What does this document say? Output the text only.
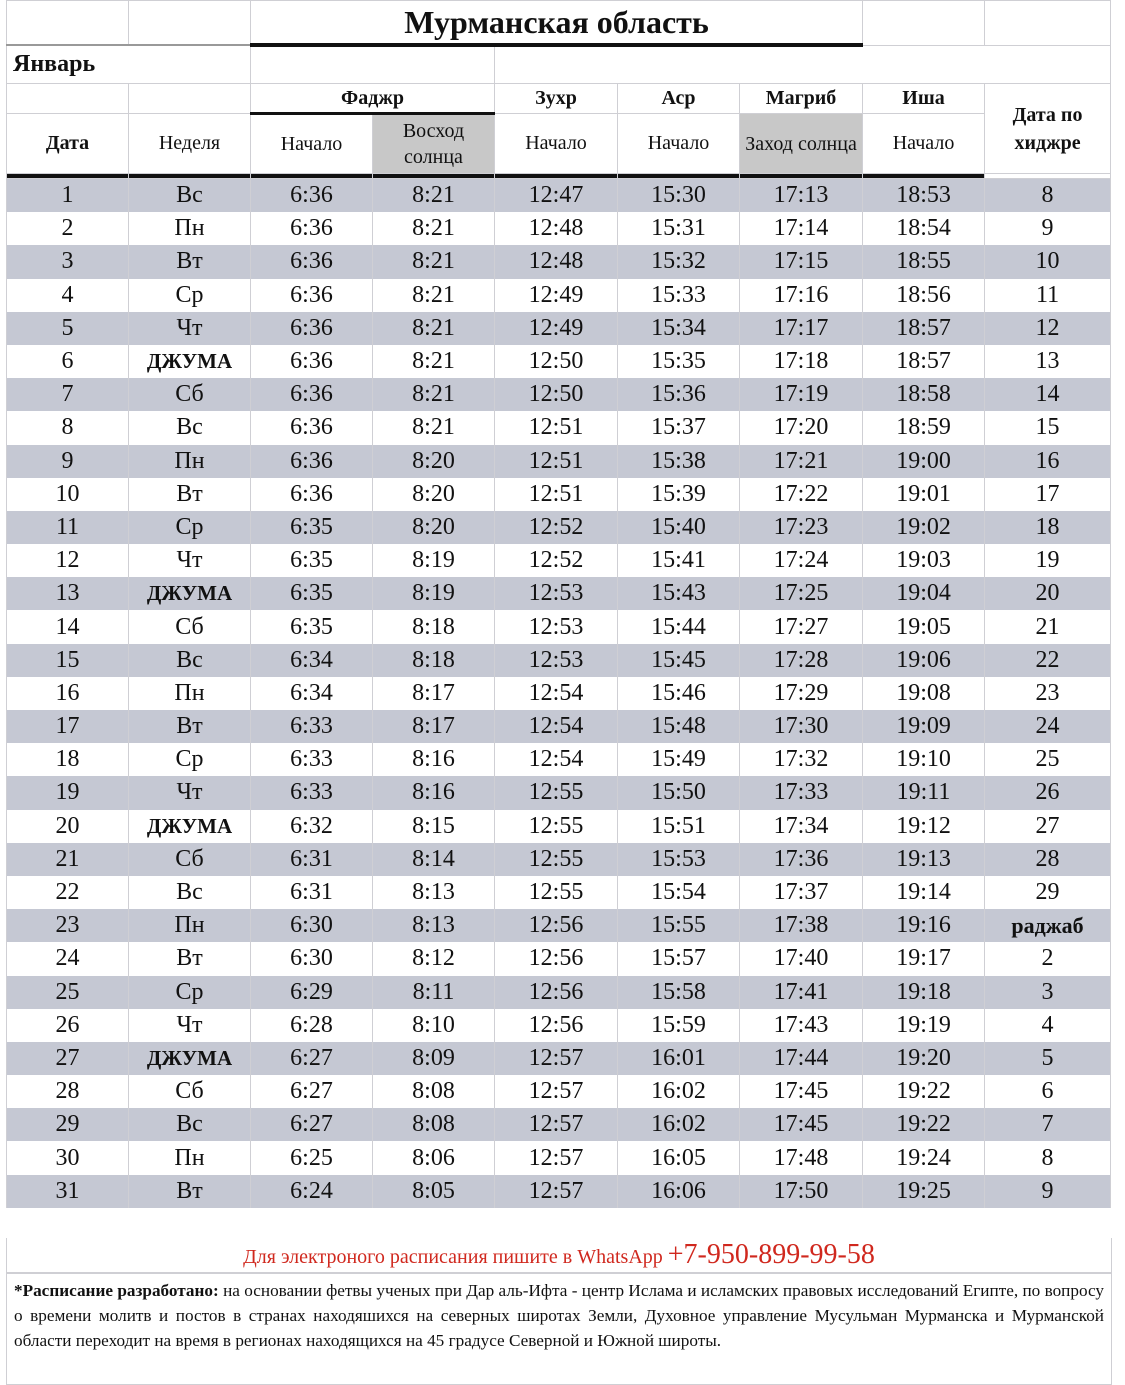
		Мурманская область						
Январь								
		Фаджр		Зухр	Аср	Магриб	Иша	Дата по хиджре
Дата	Неделя	Начало	Восход солнца	Начало	Начало	Заход солнца	Начало	

1	Вс	6:36	8:21	12:47	15:30	17:13	18:53	8
2	Пн	6:36	8:21	12:48	15:31	17:14	18:54	9
3	Вт	6:36	8:21	12:48	15:32	17:15	18:55	10
4	Ср	6:36	8:21	12:49	15:33	17:16	18:56	11
5	Чт	6:36	8:21	12:49	15:34	17:17	18:57	12
6	ДЖУМА	6:36	8:21	12:50	15:35	17:18	18:57	13
7	Сб	6:36	8:21	12:50	15:36	17:19	18:58	14
8	Вс	6:36	8:21	12:51	15:37	17:20	18:59	15
9	Пн	6:36	8:20	12:51	15:38	17:21	19:00	16
10	Вт	6:36	8:20	12:51	15:39	17:22	19:01	17
11	Ср	6:35	8:20	12:52	15:40	17:23	19:02	18
12	Чт	6:35	8:19	12:52	15:41	17:24	19:03	19
13	ДЖУМА	6:35	8:19	12:53	15:43	17:25	19:04	20
14	Сб	6:35	8:18	12:53	15:44	17:27	19:05	21
15	Вс	6:34	8:18	12:53	15:45	17:28	19:06	22
16	Пн	6:34	8:17	12:54	15:46	17:29	19:08	23
17	Вт	6:33	8:17	12:54	15:48	17:30	19:09	24
18	Ср	6:33	8:16	12:54	15:49	17:32	19:10	25
19	Чт	6:33	8:16	12:55	15:50	17:33	19:11	26
20	ДЖУМА	6:32	8:15	12:55	15:51	17:34	19:12	27
21	Сб	6:31	8:14	12:55	15:53	17:36	19:13	28
22	Вс	6:31	8:13	12:55	15:54	17:37	19:14	29
23	Пн	6:30	8:13	12:56	15:55	17:38	19:16	раджаб
24	Вт	6:30	8:12	12:56	15:57	17:40	19:17	2
25	Ср	6:29	8:11	12:56	15:58	17:41	19:18	3
26	Чт	6:28	8:10	12:56	15:59	17:43	19:19	4
27	ДЖУМА	6:27	8:09	12:57	16:01	17:44	19:20	5
28	Сб	6:27	8:08	12:57	16:02	17:45	19:22	6
29	Вс	6:27	8:08	12:57	16:02	17:45	19:22	7
30	Пн	6:25	8:06	12:57	16:05	17:48	19:24	8
31	Вт	6:24	8:05	12:57	16:06	17:50	19:25	9
Для электроного расписания пишите в WhatsApp +7-950-899-99-58
*Расписание разработано: на основании фетвы ученых при Дар аль-Ифта - центр Ислама и исламских правовых исследований Египте, по вопросу о времени молитв и постов в странах находяшихся на северных широтах Земли, Духовное управление Мусульман Мурманска и Мурманской области переходит на время в регионах находящихся на 45 градусе Северной и Южной широты.
